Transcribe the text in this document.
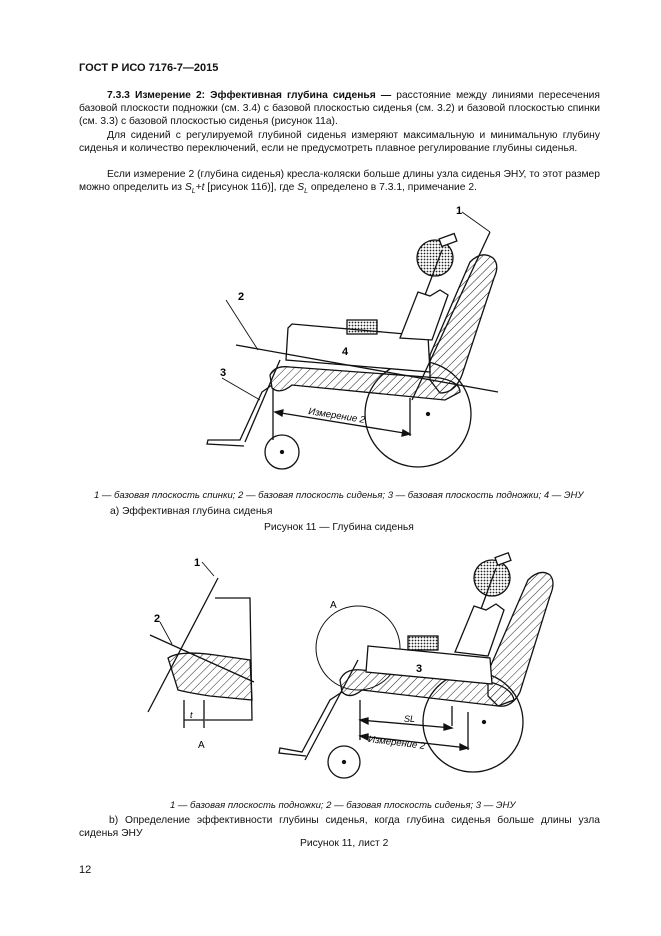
ГОСТ Р ИСО 7176-7—2015
7.3.3 Измерение 2: Эффективная глубина сиденья — расстояние между линиями пересечения базовой плоскости подножки (см. 3.4) с базовой плоскостью сиденья (см. 3.2) и базовой плоскостью спинки (см. 3.3) с базовой плоскостью сиденья (рисунок 11а).
Для сидений с регулируемой глубиной сиденья измеряют максимальную и минимальную глубину сиденья и количество переключений, если не предусмотреть плавное регулирование глубины сиденья.
Если измерение 2 (глубина сиденья) кресла-коляски больше длины узла сиденья ЭНУ, то этот размер можно определить из $S_L+t$ [рисунок 11б)], где $S_L$ определено в 7.3.1, примечание 2.
1
2
3
4
Измерение 2
1
2
t
A
A
3
SL
Измерение 2
1 — базовая плоскость спинки; 2 — базовая плоскость сиденья; 3 — базовая плоскость подножки; 4 — ЭНУ
a) Эффективная глубина сиденья
Рисунок 11 — Глубина сиденья
1 — базовая плоскость подножки; 2 — базовая плоскость сиденья; 3 — ЭНУ
b) Определение эффективности глубины сиденья, когда глубина сиденья больше длины узла сиденья ЭНУ
Рисунок 11, лист 2
12
